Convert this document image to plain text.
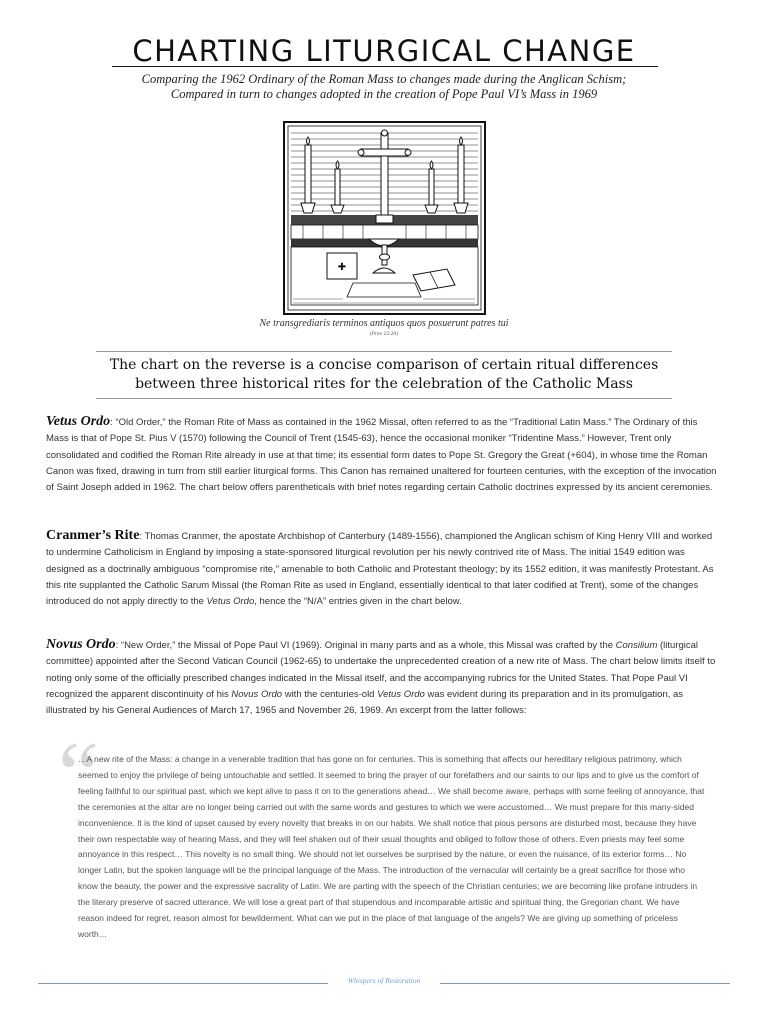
CHARTING LITURGICAL CHANGE
Comparing the 1962 Ordinary of the Roman Mass to changes made during the Anglican Schism;
Compared in turn to changes adopted in the creation of Pope Paul VI’s Mass in 1969
✚
Ne transgrediaris terminos antiquos quos posuerunt patres tui
(Prov 22:28)
The chart on the reverse is a concise comparison of certain ritual differences
between three historical rites for the celebration of the Catholic Mass
Vetus Ordo: “Old Order,” the Roman Rite of Mass as contained in the 1962 Missal, often referred to as the “Traditional Latin Mass.” The Ordinary of this Mass is that of Pope St. Pius V (1570) following the Council of Trent (1545-63), hence the occasional moniker “Tridentine Mass.” However, Trent only consolidated and codified the Roman Rite already in use at that time; its essential form dates to Pope St. Gregory the Great (+604), in whose time the Roman Canon was fixed, drawing in turn from still earlier liturgical forms. This Canon has remained unaltered for fourteen centuries, with the exception of the invocation of Saint Joseph added in 1962. The chart below offers parentheticals with brief notes regarding certain Catholic doctrines expressed by its ancient ceremonies.
Cranmer’s Rite: Thomas Cranmer, the apostate Archbishop of Canterbury (1489-1556), championed the Anglican schism of King Henry VIII and worked to undermine Catholicism in England by imposing a state-sponsored liturgical revolution per his newly contrived rite of Mass. The initial 1549 edition was designed as a doctrinally ambiguous “compromise rite,” amenable to both Catholic and Protestant theology; by its 1552 edition, it was manifestly Protestant. As this rite supplanted the Catholic Sarum Missal (the Roman Rite as used in England, essentially identical to that later codified at Trent), some of the changes introduced do not apply directly to the Vetus Ordo, hence the “N/A” entries given in the chart below.
Novus Ordo: “New Order,” the Missal of Pope Paul VI (1969). Original in many parts and as a whole, this Missal was crafted by the Consilium (liturgical committee) appointed after the Second Vatican Council (1962-65) to undertake the unprecedented creation of a new rite of Mass. The chart below limits itself to noting only some of the officially prescribed changes indicated in the Missal itself, and the accompanying rubrics for the United States. That Pope Paul VI recognized the apparent discontinuity of his Novus Ordo with the centuries-old Vetus Ordo was evident during its preparation and in its promulgation, as illustrated by his General Audiences of March 17, 1965 and November 26, 1969. An excerpt from the latter follows:
“
…A new rite of the Mass: a change in a venerable tradition that has gone on for centuries. This is something that affects our hereditary religious patrimony, which seemed to enjoy the privilege of being untouchable and settled. It seemed to bring the prayer of our forefathers and our saints to our lips and to give us the comfort of feeling faithful to our spiritual past, which we kept alive to pass it on to the generations ahead… We shall become aware, perhaps with some feeling of annoyance, that the ceremonies at the altar are no longer being carried out with the same words and gestures to which we were accustomed… We must prepare for this many-sided inconvenience. It is the kind of upset caused by every novelty that breaks in on our habits. We shall notice that pious persons are disturbed most, because they have their own respectable way of hearing Mass, and they will feel shaken out of their usual thoughts and obliged to follow those of others. Even priests may feel some annoyance in this respect… This novelty is no small thing. We should not let ourselves be surprised by the nature, or even the nuisance, of its exterior forms… No longer Latin, but the spoken language will be the principal language of the Mass. The introduction of the vernacular will certainly be a great sacrifice for those who know the beauty, the power and the expressive sacrality of Latin. We are parting with the speech of the Christian centuries; we are becoming like profane intruders in the literary preserve of sacred utterance. We will lose a great part of that stupendous and incomparable artistic and spiritual thing, the Gregorian chant. We have reason indeed for regret, reason almost for bewilderment. What can we put in the place of that language of the angels? We are giving up something of priceless worth…
Whispers of Restoration
